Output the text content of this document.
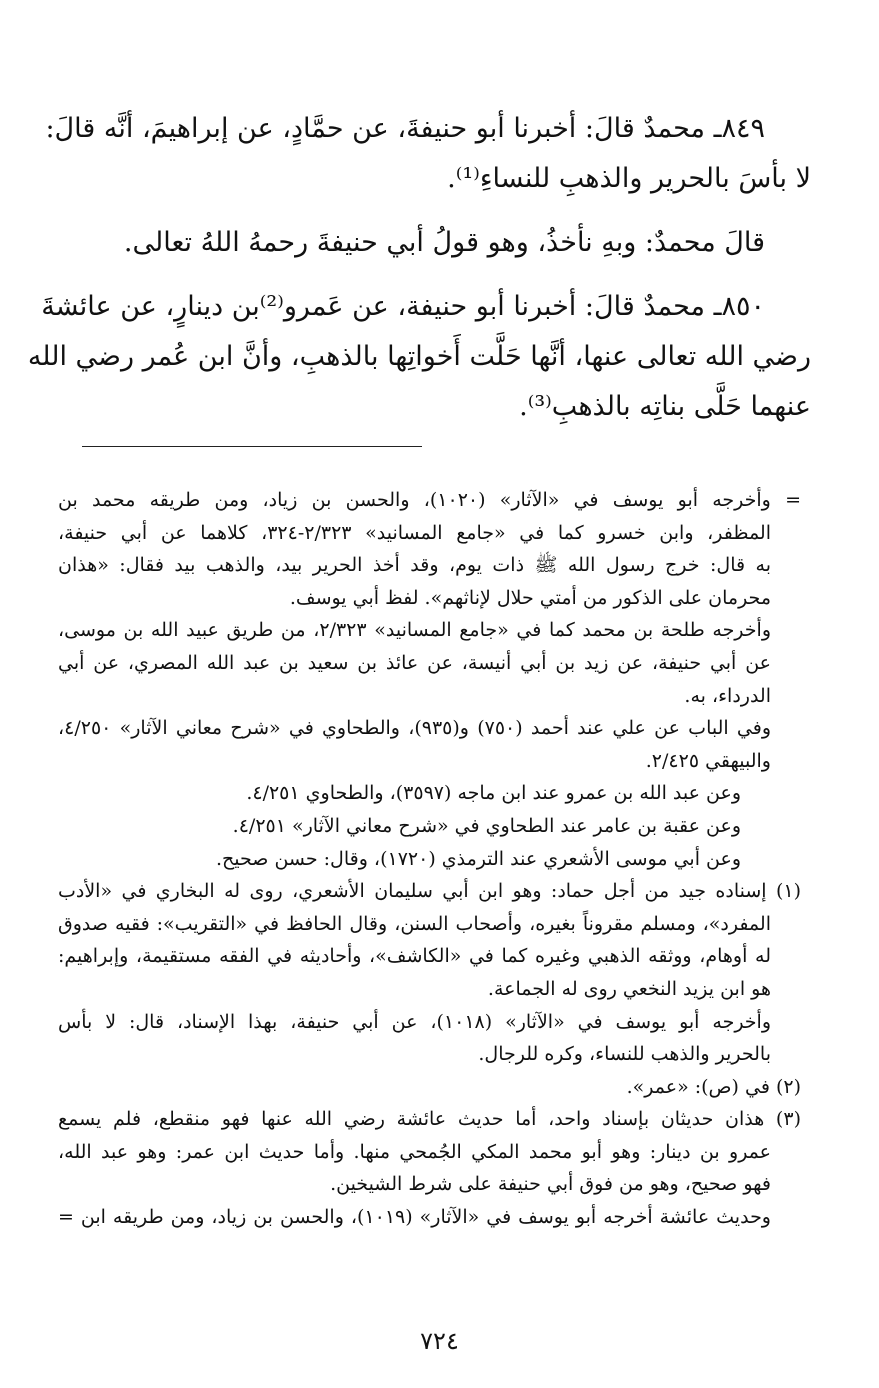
٨٤٩ـ محمدٌ قالَ: أخبرنا أبو حنيفةَ، عن حمَّادٍ، عن إبراهيمَ، أنَّه قالَ:
لا بأسَ بالحرير والذهبِ للنساءِ⁽¹⁾.
قالَ محمدٌ: وبهِ نأخذُ، وهو قولُ أبي حنيفةَ رحمهُ اللهُ تعالى.
٨٥٠ـ محمدٌ قالَ: أخبرنا أبو حنيفة، عن عَمرو⁽²⁾بن دينارٍ، عن عائشةَ
رضي الله تعالى عنها، أنَّها حَلَّت أَخواتِها بالذهبِ، وأنَّ ابن عُمر رضي الله
عنهما حَلَّى بناتِه بالذهبِ⁽³⁾.
= وأخرجه أبو يوسف في «الآثار» (١٠٢٠)، والحسن بن زياد، ومن طريقه محمد بن
المظفر، وابن خسرو كما في «جامع المسانيد» ٢/٣٢٣-٣٢٤، كلاهما عن أبي حنيفة،
به قال: خرج رسول الله ﷺ ذات يوم، وقد أخذ الحرير بيد، والذهب بيد فقال: «هذان
محرمان على الذكور من أمتي حلال لإناثهم». لفظ أبي يوسف.
وأخرجه طلحة بن محمد كما في «جامع المسانيد» ٢/٣٢٣، من طريق عبيد الله بن موسى،
عن أبي حنيفة، عن زيد بن أبي أنيسة، عن عائذ بن سعيد بن عبد الله المصري، عن أبي
الدرداء، به.
وفي الباب عن علي عند أحمد (٧٥٠) و(٩٣٥)، والطحاوي في «شرح معاني الآثار» ٤/٢٥٠،
والبيهقي ٢/٤٢٥.
وعن عبد الله بن عمرو عند ابن ماجه (٣٥٩٧)، والطحاوي ٤/٢٥١.
وعن عقبة بن عامر عند الطحاوي في «شرح معاني الآثار» ٤/٢٥١.
وعن أبي موسى الأشعري عند الترمذي (١٧٢٠)، وقال: حسن صحيح.
(١) إسناده جيد من أجل حماد: وهو ابن أبي سليمان الأشعري، روى له البخاري في «الأدب
المفرد»، ومسلم مقروناً بغيره، وأصحاب السنن، وقال الحافظ في «التقريب»: فقيه صدوق
له أوهام، ووثقه الذهبي وغيره كما في «الكاشف»، وأحاديثه في الفقه مستقيمة، وإبراهيم:
هو ابن يزيد النخعي روى له الجماعة.
وأخرجه أبو يوسف في «الآثار» (١٠١٨)، عن أبي حنيفة، بهذا الإسناد، قال: لا بأس
بالحرير والذهب للنساء، وكره للرجال.
(٢) في (ص): «عمر».
(٣) هذان حديثان بإسناد واحد، أما حديث عائشة رضي الله عنها فهو منقطع، فلم يسمع
عمرو بن دينار: وهو أبو محمد المكي الجُمحي منها. وأما حديث ابن عمر: وهو عبد الله،
فهو صحيح، وهو من فوق أبي حنيفة على شرط الشيخين.
وحديث عائشة أخرجه أبو يوسف في «الآثار» (١٠١٩)، والحسن بن زياد، ومن طريقه ابن =
٧٢٤
